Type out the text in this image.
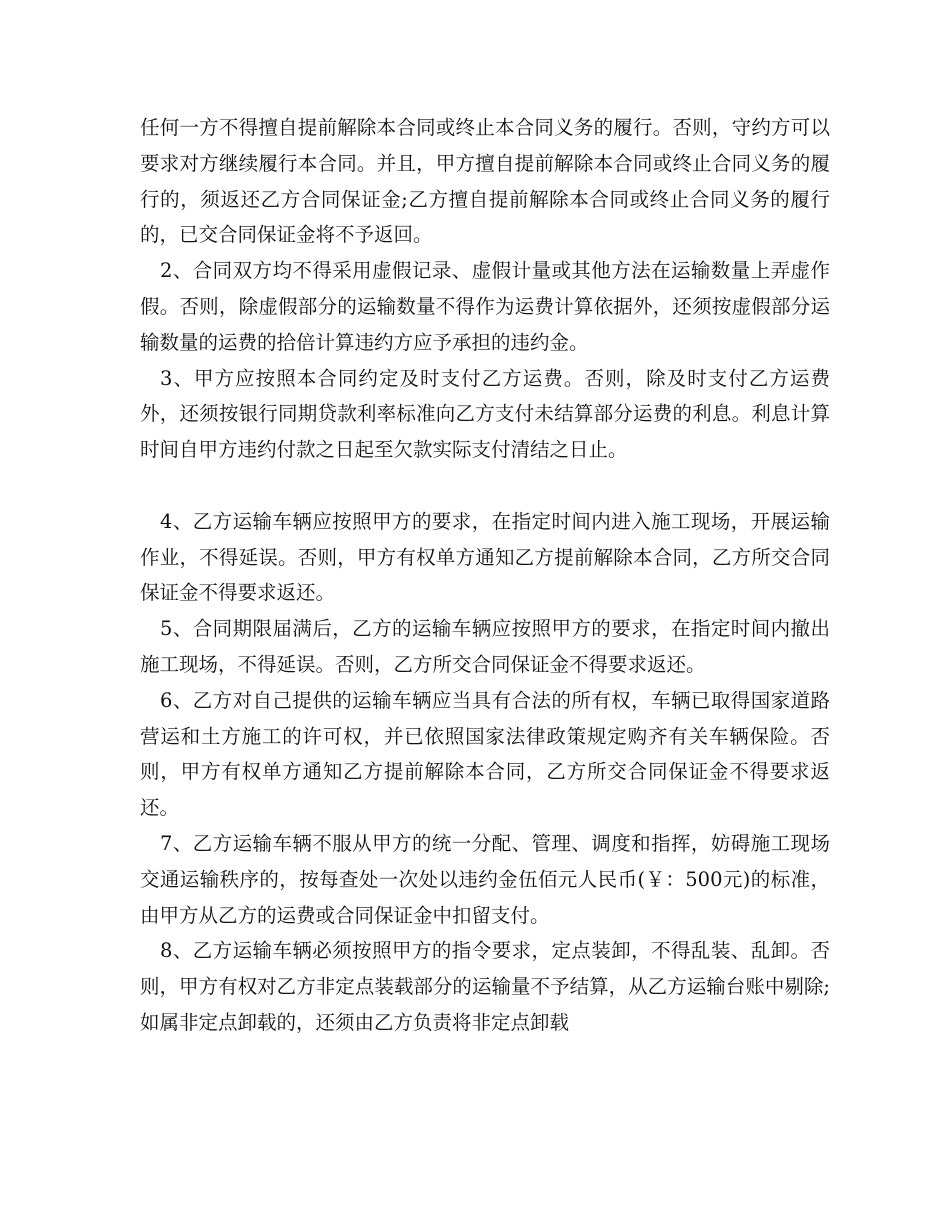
任何一方不得擅自提前解除本合同或终止本合同义务的履行。否则，守约方可以要求对方继续履行本合同。并且，甲方擅自提前解除本合同或终止合同义务的履行的，须返还乙方合同保证金;乙方擅自提前解除本合同或终止合同义务的履行的，已交合同保证金将不予返回。

2、合同双方均不得采用虚假记录、虚假计量或其他方法在运输数量上弄虚作假。否则，除虚假部分的运输数量不得作为运费计算依据外，还须按虚假部分运输数量的运费的拾倍计算违约方应予承担的违约金。

3、甲方应按照本合同约定及时支付乙方运费。否则，除及时支付乙方运费外，还须按银行同期贷款利率标准向乙方支付未结算部分运费的利息。利息计算时间自甲方违约付款之日起至欠款实际支付清结之日止。

4、乙方运输车辆应按照甲方的要求，在指定时间内进入施工现场，开展运输作业，不得延误。否则，甲方有权单方通知乙方提前解除本合同，乙方所交合同保证金不得要求返还。

5、合同期限届满后，乙方的运输车辆应按照甲方的要求，在指定时间内撤出施工现场，不得延误。否则，乙方所交合同保证金不得要求返还。

6、乙方对自己提供的运输车辆应当具有合法的所有权，车辆已取得国家道路营运和土方施工的许可权，并已依照国家法律政策规定购齐有关车辆保险。否则，甲方有权单方通知乙方提前解除本合同，乙方所交合同保证金不得要求返还。

7、乙方运输车辆不服从甲方的统一分配、管理、调度和指挥，妨碍施工现场交通运输秩序的，按每查处一次处以违约金伍佰元人民币(￥：500元)的标准，由甲方从乙方的运费或合同保证金中扣留支付。

8、乙方运输车辆必须按照甲方的指令要求，定点装卸，不得乱装、乱卸。否则，甲方有权对乙方非定点装载部分的运输量不予结算，从乙方运输台账中剔除;如属非定点卸载的，还须由乙方负责将非定点卸载
